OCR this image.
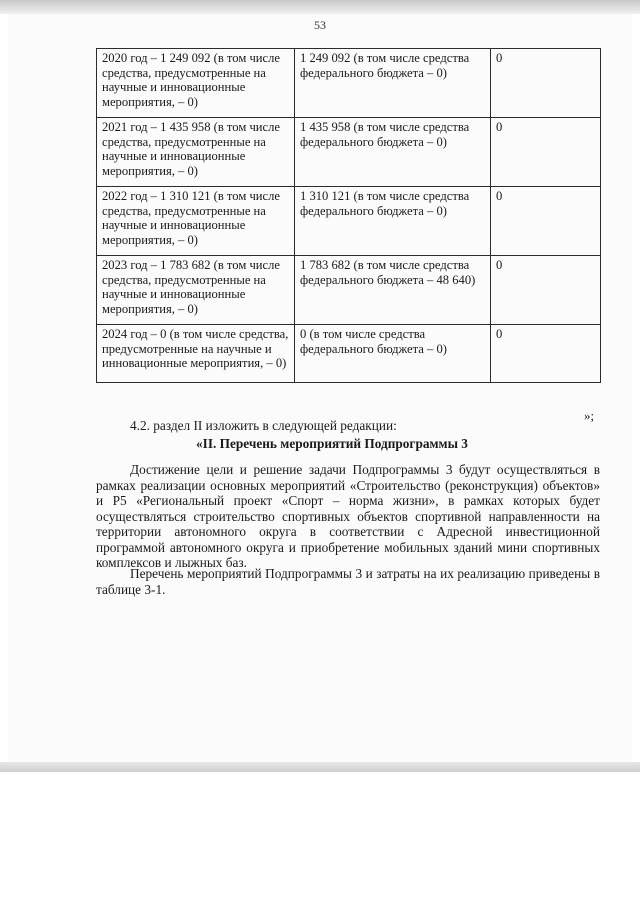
53
2020 год – 1 249 092 (в том числе средства, предусмотренные на научные и инновационные мероприятия, – 0)	1 249 092 (в том числе средства федерального бюджета – 0)	0
2021 год – 1 435 958 (в том числе средства, предусмотренные на научные и инновационные мероприятия, – 0)	1 435 958 (в том числе средства федерального бюджета – 0)	0
2022 год – 1 310 121 (в том числе средства, предусмотренные на научные и инновационные мероприятия, – 0)	1 310 121 (в том числе средства федерального бюджета – 0)	0
2023 год – 1 783 682 (в том числе средства, предусмотренные на научные и инновационные мероприятия, – 0)	1 783 682 (в том числе средства федерального бюджета – 48 640)	0
2024 год – 0 (в том числе средства, предусмотренные на научные и инновационные мероприятия, – 0)	0 (в том числе средства федерального бюджета – 0)	0
»;
4.2. раздел II изложить в следующей редакции:
«II. Перечень мероприятий Подпрограммы 3

Достижение цели и решение задачи Подпрограммы 3 будут осуществляться в рамках реализации основных мероприятий «Строительство (реконструкция) объектов» и Р5 «Региональный проект «Спорт – норма жизни», в рамках которых будет осуществляться строительство спортивных объектов спортивной направленности на территории автономного округа в соответствии с Адресной инвестиционной программой автономного округа и приобретение мобильных зданий мини спортивных комплексов и лыжных баз.

Перечень мероприятий Подпрограммы 3 и затраты на их реализацию приведены в таблице 3-1.
